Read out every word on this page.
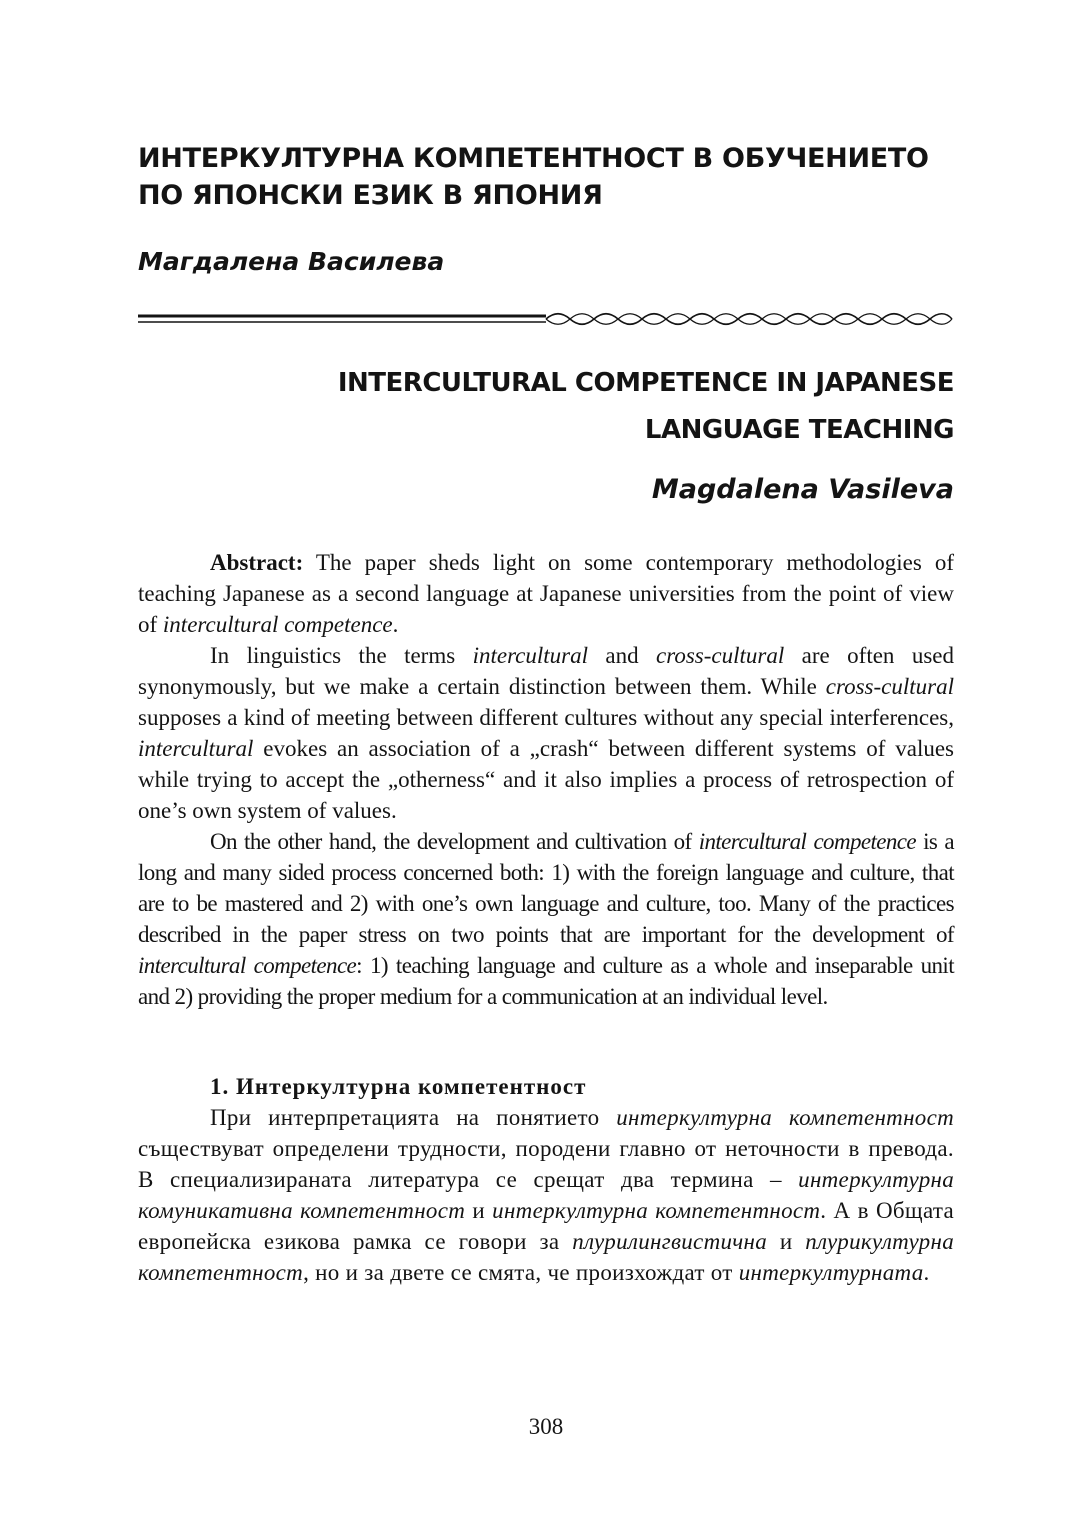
ИНТЕРКУЛТУРНА КОМПЕТЕНТНОСТ В ОБУЧЕНИЕТО
ПО ЯПОНСКИ ЕЗИК В ЯПОНИЯ

Магдалена Василева

INTERCULTURAL COMPETENCE IN JAPANESE
LANGUAGE TEACHING

Magdalena Vasileva

Abstract: The paper sheds light on some contemporary methodologies of teaching Japanese as a second language at Japanese universities from the point of view of intercultural competence.

In linguistics the terms intercultural and cross-cultural are often used synonymously, but we make a certain distinction between them. While cross-cultural supposes a kind of meeting between different cultures without any special interferences, intercultural evokes an association of a „crash“ between different systems of values while trying to accept the „otherness“ and it also implies a process of retrospection of one’s own system of values.

On the other hand, the development and cultivation of intercultural competence is a long and many sided process concerned both: 1) with the foreign language and culture, that are to be mastered and 2) with one’s own language and culture, too. Many of the practices described in the paper stress on two points that are important for the development of intercultural competence: 1) teaching language and culture as a whole and inseparable unit and 2) providing the proper medium for a communication at an individual level.

1. Интеркултурна компетентност

При интерпретацията на понятието интеркултурна компетентност съществуват определени трудности, породени главно от неточности в превода. В специализираната литература се срещат два термина – интеркултурна комуникативна компетентност и интеркултурна компетентност. А в Общата европейска езикова рамка се говори за плурилингвистична и плурикултурна компетентност, но и за двете се смята, че произхождат от интеркултурната.

308
